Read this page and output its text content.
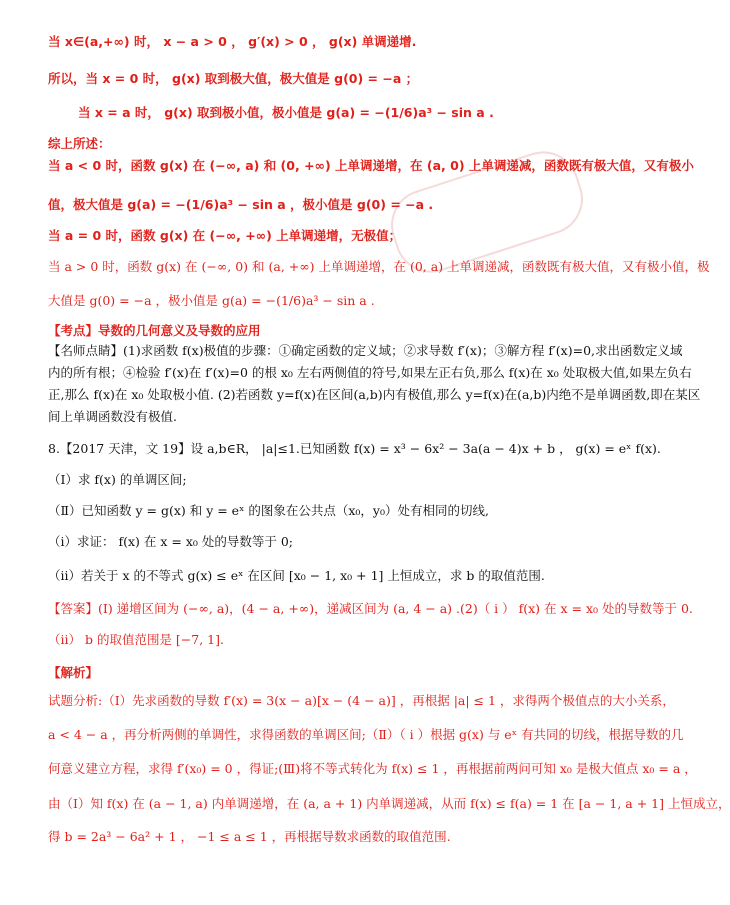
当 x∈(a,+∞) 时， x − a > 0 ， g′(x) > 0 ， g(x) 单调递增.
所以，当 x = 0 时， g(x) 取到极大值，极大值是 g(0) = −a ；
当 x = a 时， g(x) 取到极小值，极小值是 g(a) = −(1/6)a³ − sin a .
综上所述：
当 a < 0 时，函数 g(x) 在 (−∞, a) 和 (0, +∞) 上单调递增，在 (a, 0) 上单调递减，函数既有极大值，又有极小
值，极大值是 g(a) = −(1/6)a³ − sin a ，极小值是 g(0) = −a .
当 a = 0 时，函数 g(x) 在 (−∞, +∞) 上单调递增，无极值；
当 a > 0 时，函数 g(x) 在 (−∞, 0) 和 (a, +∞) 上单调递增，在 (0, a) 上单调递减，函数既有极大值，又有极小值，极
大值是 g(0) = −a ，极小值是 g(a) = −(1/6)a³ − sin a .
【考点】导数的几何意义及导数的应用
【名师点睛】(1)求函数 f(x)极值的步骤：①确定函数的定义域；②求导数 f′(x)；③解方程 f′(x)=0,求出函数定义域
内的所有根；④检验 f′(x)在 f′(x)=0 的根 x₀ 左右两侧值的符号,如果左正右负,那么 f(x)在 x₀ 处取极大值,如果左负右
正,那么 f(x)在 x₀ 处取极小值. (2)若函数 y=f(x)在区间(a,b)内有极值,那么 y=f(x)在(a,b)内绝不是单调函数,即在某区
间上单调函数没有极值.
8.【2017 天津，文 19】设 a,b∈R， |a|≤1.已知函数 f(x) = x³ − 6x² − 3a(a − 4)x + b ， g(x) = eˣ f(x).
（Ⅰ）求 f(x) 的单调区间;
（Ⅱ）已知函数 y = g(x) 和 y = eˣ 的图象在公共点（x₀，y₀）处有相同的切线,
（i）求证： f(x) 在 x = x₀ 处的导数等于 0;
（ii）若关于 x 的不等式 g(x) ≤ eˣ 在区间 [x₀ − 1, x₀ + 1] 上恒成立，求 b 的取值范围.
【答案】(Ⅰ) 递增区间为 (−∞, a)，(4 − a, +∞)，递减区间为 (a, 4 − a) .(2)（ i ） f(x) 在 x = x₀ 处的导数等于 0.
（ii） b 的取值范围是 [−7, 1].
【解析】
试题分析:（Ⅰ）先求函数的导数 f′(x) = 3(x − a)[x − (4 − a)] ，再根据 |a| ≤ 1 ，求得两个极值点的大小关系，
a < 4 − a ，再分析两侧的单调性，求得函数的单调区间;（Ⅱ）（ i ）根据 g(x) 与 eˣ 有共同的切线，根据导数的几
何意义建立方程，求得 f′(x₀) = 0 ，得证;(Ⅲ)将不等式转化为 f(x) ≤ 1 ，再根据前两问可知 x₀ 是极大值点 x₀ = a ，
由（I）知 f(x) 在 (a − 1, a) 内单调递增，在 (a, a + 1) 内单调递减，从而 f(x) ≤ f(a) = 1 在 [a − 1, a + 1] 上恒成立，
得 b = 2a³ − 6a² + 1 ， −1 ≤ a ≤ 1 ，再根据导数求函数的取值范围.
